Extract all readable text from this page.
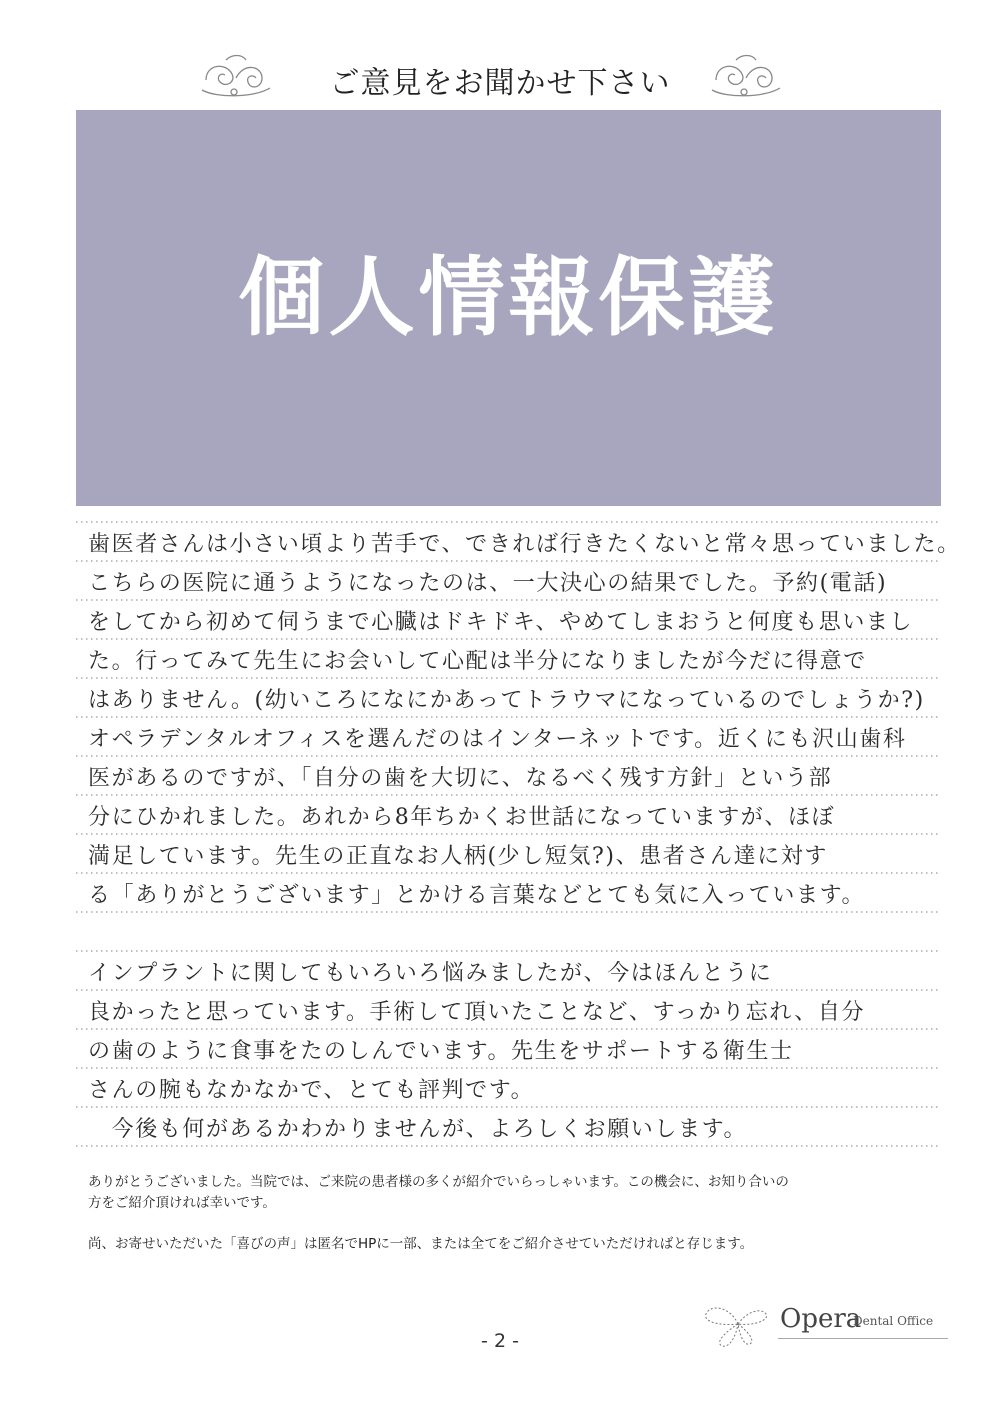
ご意見をお聞かせ下さい
個人情報保護
歯医者さんは小さい頃より苦手で、できれば行きたくないと常々思っていました。
こちらの医院に通うようになったのは、一大決心の結果でした。予約(電話)
をしてから初めて伺うまで心臓はドキドキ、やめてしまおうと何度も思いまし
た。行ってみて先生にお会いして心配は半分になりましたが今だに得意で
はありません。(幼いころになにかあってトラウマになっているのでしょうか?)
オペラデンタルオフィスを選んだのはインターネットです。近くにも沢山歯科
医があるのですが、「自分の歯を大切に、なるべく残す方針」という部
分にひかれました。あれから8年ちかくお世話になっていますが、ほぼ
満足しています。先生の正直なお人柄(少し短気?)、患者さん達に対す
る「ありがとうございます」とかける言葉などとても気に入っています。
インプラントに関してもいろいろ悩みましたが、今はほんとうに
良かったと思っています。手術して頂いたことなど、すっかり忘れ、自分
の歯のように食事をたのしんでいます。先生をサポートする衛生士
さんの腕もなかなかで、とても評判です。
　今後も何があるかわかりませんが、よろしくお願いします。
ありがとうございました。当院では、ご来院の患者様の多くが紹介でいらっしゃいます。この機会に、お知り合いの
方をご紹介頂ければ幸いです。
尚、お寄せいただいた「喜びの声」は匿名でHPに一部、または全てをご紹介させていただければと存じます。
Opera
Dental Office
- 2 -
